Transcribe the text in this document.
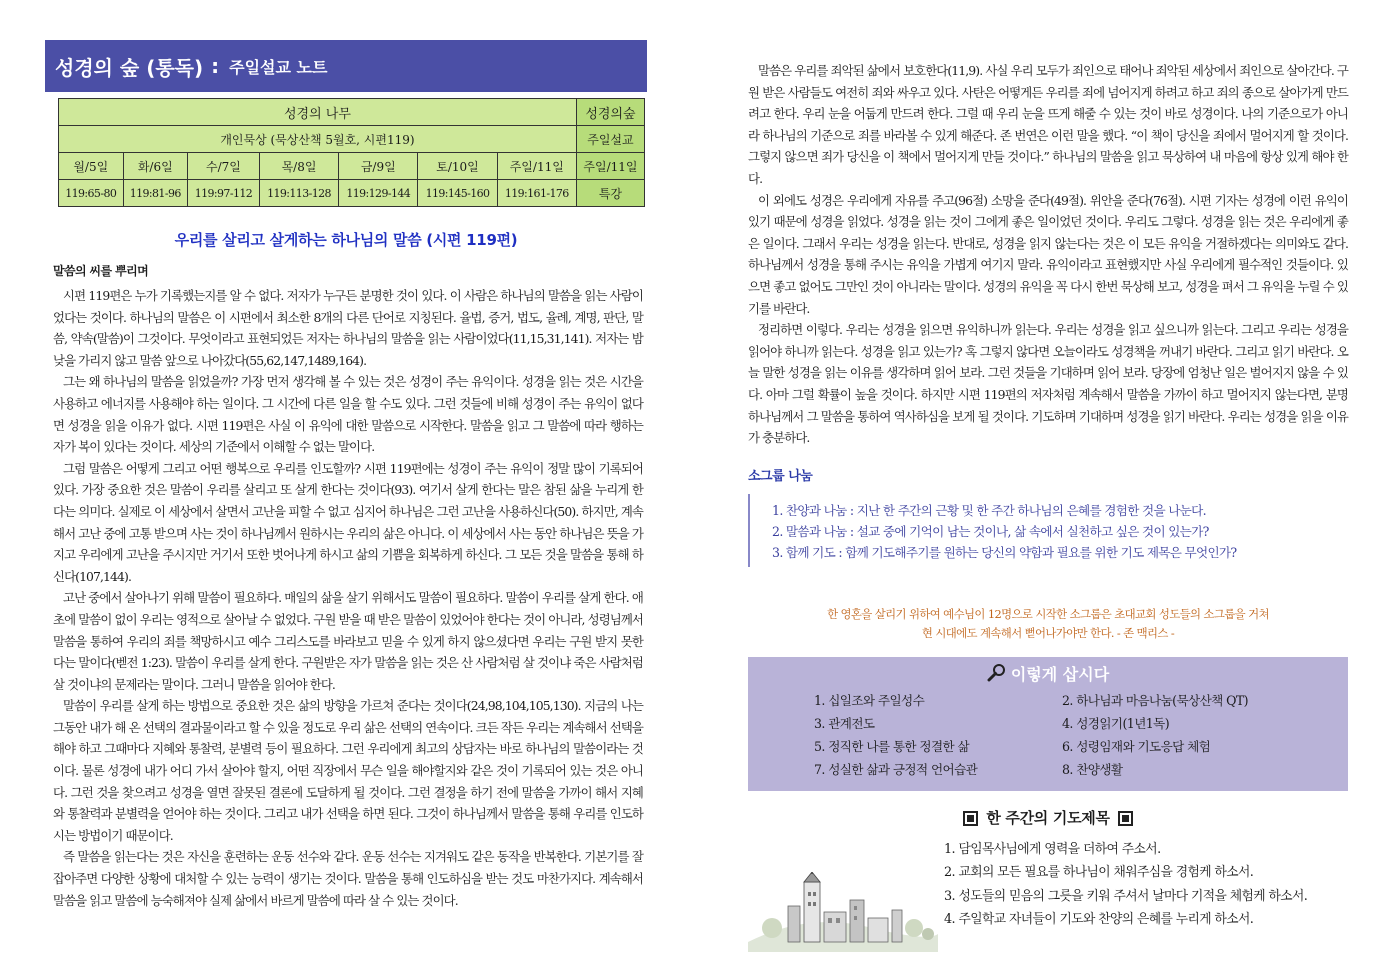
성경의 숲 (통독) : 주일설교 노트
성경의 나무							성경의숲
개인묵상 (묵상산책 5월호, 시편119)							주일설교
월/5일	화/6일	수/7일	목/8일	금/9일	토/10일	주일/11일	주일/11일
119:65-80	119:81-96	119:97-112	119:113-128	119:129-144	119:145-160	119:161-176	특강
우리를 살리고 살게하는 하나님의 말씀 (시편 119편)
말씀의 씨를 뿌리며

시편 119편은 누가 기록했는지를 알 수 없다. 저자가 누구든 분명한 것이 있다. 이 사람은 하나님의 말씀을 읽는 사람이었다는 것이다. 하나님의 말씀은 이 시편에서 최소한 8개의 다른 단어로 지칭된다. 율법, 증거, 법도, 율례, 계명, 판단, 말씀, 약속(말씀)이 그것이다. 무엇이라고 표현되었든 저자는 하나님의 말씀을 읽는 사람이었다(11,15,31,141). 저자는 밤낮을 가리지 않고 말씀 앞으로 나아갔다(55,62,147,1489,164).

그는 왜 하나님의 말씀을 읽었을까? 가장 먼저 생각해 볼 수 있는 것은 성경이 주는 유익이다. 성경을 읽는 것은 시간을 사용하고 에너지를 사용해야 하는 일이다. 그 시간에 다른 일을 할 수도 있다. 그런 것들에 비해 성경이 주는 유익이 없다면 성경을 읽을 이유가 없다. 시편 119편은 사실 이 유익에 대한 말씀으로 시작한다. 말씀을 읽고 그 말씀에 따라 행하는 자가 복이 있다는 것이다. 세상의 기준에서 이해할 수 없는 말이다.

그럼 말씀은 어떻게 그리고 어떤 행복으로 우리를 인도할까? 시편 119편에는 성경이 주는 유익이 정말 많이 기록되어 있다. 가장 중요한 것은 말씀이 우리를 살리고 또 살게 한다는 것이다(93). 여기서 살게 한다는 말은 참된 삶을 누리게 한다는 의미다. 실제로 이 세상에서 살면서 고난을 피할 수 없고 심지어 하나님은 그런 고난을 사용하신다(50). 하지만, 계속해서 고난 중에 고통 받으며 사는 것이 하나님께서 원하시는 우리의 삶은 아니다. 이 세상에서 사는 동안 하나님은 뜻을 가지고 우리에게 고난을 주시지만 거기서 또한 벗어나게 하시고 삶의 기쁨을 회복하게 하신다. 그 모든 것을 말씀을 통해 하신다(107,144).

고난 중에서 살아나기 위해 말씀이 필요하다. 매일의 삶을 살기 위해서도 말씀이 필요하다. 말씀이 우리를 살게 한다. 애초에 말씀이 없이 우리는 영적으로 살아날 수 없었다. 구원 받을 때 받은 말씀이 있었어야 한다는 것이 아니라, 성령님께서 말씀을 통하여 우리의 죄를 책망하시고 예수 그리스도를 바라보고 믿을 수 있게 하지 않으셨다면 우리는 구원 받지 못한다는 말이다(벧전 1:23). 말씀이 우리를 살게 한다. 구원받은 자가 말씀을 읽는 것은 산 사람처럼 살 것이냐 죽은 사람처럼 살 것이냐의 문제라는 말이다. 그러니 말씀을 읽어야 한다.

말씀이 우리를 살게 하는 방법으로 중요한 것은 삶의 방향을 가르쳐 준다는 것이다(24,98,104,105,130). 지금의 나는 그동안 내가 해 온 선택의 결과물이라고 할 수 있을 정도로 우리 삶은 선택의 연속이다. 크든 작든 우리는 계속해서 선택을 해야 하고 그때마다 지혜와 통찰력, 분별력 등이 필요하다. 그런 우리에게 최고의 상담자는 바로 하나님의 말씀이라는 것이다. 물론 성경에 내가 어디 가서 살아야 할지, 어떤 직장에서 무슨 일을 해야할지와 같은 것이 기록되어 있는 것은 아니다. 그런 것을 찾으려고 성경을 열면 잘못된 결론에 도달하게 될 것이다. 그런 결정을 하기 전에 말씀을 가까이 해서 지혜와 통찰력과 분별력을 얻어야 하는 것이다. 그리고 내가 선택을 하면 된다. 그것이 하나님께서 말씀을 통해 우리를 인도하시는 방법이기 때문이다.

즉 말씀을 읽는다는 것은 자신을 훈련하는 운동 선수와 같다. 운동 선수는 지겨워도 같은 동작을 반복한다. 기본기를 잘 잡아주면 다양한 상황에 대처할 수 있는 능력이 생기는 것이다. 말씀을 통해 인도하심을 받는 것도 마찬가지다. 계속해서 말씀을 읽고 말씀에 능숙해져야 실제 삶에서 바르게 말씀에 따라 살 수 있는 것이다.

말씀은 우리를 죄악된 삶에서 보호한다(11,9). 사실 우리 모두가 죄인으로 태어나 죄악된 세상에서 죄인으로 살아간다. 구원 받은 사람들도 여전히 죄와 싸우고 있다. 사탄은 어떻게든 우리를 죄에 넘어지게 하려고 하고 죄의 종으로 살아가게 만드려고 한다. 우리 눈을 어둡게 만드려 한다. 그럴 때 우리 눈을 뜨게 해줄 수 있는 것이 바로 성경이다. 나의 기준으로가 아니라 하나님의 기준으로 죄를 바라볼 수 있게 해준다. 존 번연은 이런 말을 했다. “이 책이 당신을 죄에서 멀어지게 할 것이다. 그렇지 않으면 죄가 당신을 이 책에서 멀어지게 만들 것이다.” 하나님의 말씀을 읽고 묵상하여 내 마음에 항상 있게 해야 한다.

이 외에도 성경은 우리에게 자유를 주고(96절) 소망을 준다(49절). 위안을 준다(76절). 시편 기자는 성경에 이런 유익이 있기 때문에 성경을 읽었다. 성경을 읽는 것이 그에게 좋은 일이었던 것이다. 우리도 그렇다. 성경을 읽는 것은 우리에게 좋은 일이다. 그래서 우리는 성경을 읽는다. 반대로, 성경을 읽지 않는다는 것은 이 모든 유익을 거절하겠다는 의미와도 같다. 하나님께서 성경을 통해 주시는 유익을 가볍게 여기지 말라. 유익이라고 표현했지만 사실 우리에게 필수적인 것들이다. 있으면 좋고 없어도 그만인 것이 아니라는 말이다. 성경의 유익을 꼭 다시 한번 묵상해 보고, 성경을 펴서 그 유익을 누릴 수 있기를 바란다.

정리하면 이렇다. 우리는 성경을 읽으면 유익하니까 읽는다. 우리는 성경을 읽고 싶으니까 읽는다. 그리고 우리는 성경을 읽어야 하니까 읽는다. 성경을 읽고 있는가? 혹 그렇지 않다면 오늘이라도 성경책을 꺼내기 바란다. 그리고 읽기 바란다. 오늘 말한 성경을 읽는 이유를 생각하며 읽어 보라. 그런 것들을 기대하며 읽어 보라. 당장에 엄청난 일은 벌어지지 않을 수 있다. 아마 그럴 확률이 높을 것이다. 하지만 시편 119편의 저자처럼 계속해서 말씀을 가까이 하고 멀어지지 않는다면, 분명 하나님께서 그 말씀을 통하여 역사하심을 보게 될 것이다. 기도하며 기대하며 성경을 읽기 바란다. 우리는 성경을 읽을 이유가 충분하다.

소그룹 나눔
1. 찬양과 나눔 : 지난 한 주간의 근황 및 한 주간 하나님의 은혜를 경험한 것을 나눈다.
2. 말씀과 나눔 : 설교 중에 기억이 남는 것이나, 삶 속에서 실천하고 싶은 것이 있는가?
3. 함께 기도 : 함께 기도해주기를 원하는 당신의 약함과 필요를 위한 기도 제목은 무엇인가?
한 영혼을 살리기 위하여 예수님이 12명으로 시작한 소그룹은 초대교회 성도들의 소그룹을 거쳐
현 시대에도 계속해서 뻗어나가야만 한다. - 존 맥리스 -
이렇게 삽시다
1. 십일조와 주일성수	2. 하나님과 마음나눔(묵상산책 QT)
3. 관계전도	4. 성경읽기(1년1독)
5. 정직한 나를 통한 정결한 삶	6. 성령임재와 기도응답 체험
7. 성실한 삶과 긍정적 언어습관	8. 찬양생활
한 주간의 기도제목
1. 담임목사님에게 영력을 더하여 주소서.
2. 교회의 모든 필요를 하나님이 채워주심을 경험케 하소서.
3. 성도들의 믿음의 그릇을 키워 주셔서 날마다 기적을 체험케 하소서.
4. 주일학교 자녀들이 기도와 찬양의 은혜를 누리게 하소서.
